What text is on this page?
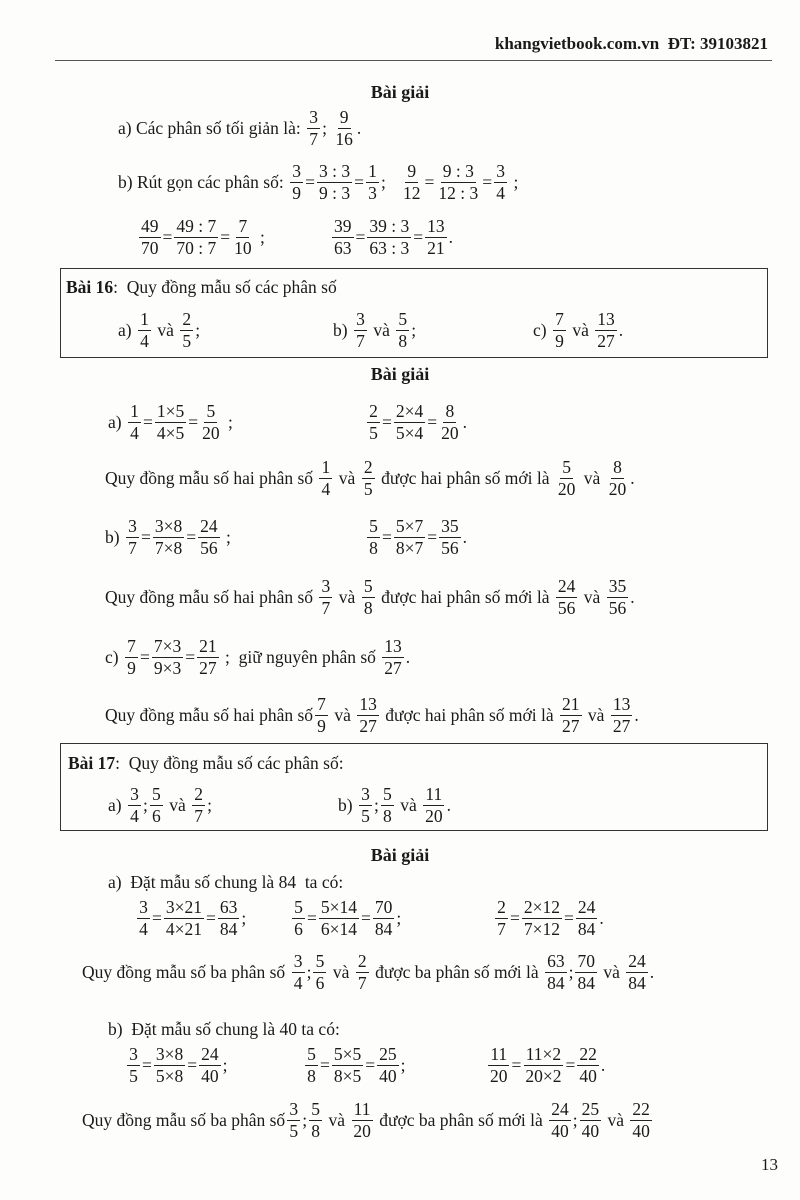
khangvietbook.com.vn ĐT: 39103821
Bài giải
a) Các phân số tối giản là: $\frac{3}{7}$ ; $\frac{9}{16}$ .
b) Rút gọn các phân số: $\frac{3}{9} = \frac{3 : 3}{9 : 3} = \frac{1}{3}$ ; $\frac{9}{12} = \frac{9 : 3}{12 : 3} = \frac{3}{4}$ ;
$\frac{49}{70} = \frac{49 : 7}{70 : 7} = \frac{7}{10}$ ;	$\frac{39}{63} = \frac{39 : 3}{63 : 3} = \frac{13}{21}$ .
Bài 16:  Quy đồng mẫu số các phân số
$a) \frac{1}{4}$ và $\frac{2}{5}$ ;	$b) \frac{3}{7}$ và $\frac{5}{8}$ ;	$c) \frac{7}{9}$ và $\frac{13}{27}$ .
Bài giải
$a) \frac{1}{4} = \frac{1\times 5}{4\times 5} = \frac{5}{20}$ ;	$\frac{2}{5} = \frac{2\times 4}{5\times 4} = \frac{8}{20}$ .
Quy đồng mẫu số hai phân số $\frac{1}{4}$ và $\frac{2}{5}$ được hai phân số mới là $\frac{5}{20}$ và $\frac{8}{20}$ .
$b) \frac{3}{7} = \frac{3\times 8}{7\times 8} = \frac{24}{56}$ ;	$\frac{5}{8} = \frac{5\times 7}{8\times 7} = \frac{35}{56}$ .
Quy đồng mẫu số hai phân số $\frac{3}{7}$ và $\frac{5}{8}$ được hai phân số mới là $\frac{24}{56}$ và $\frac{35}{56}$ .
$c) \frac{7}{9} = \frac{7\times 3}{9\times 3} = \frac{21}{27}$ ;  giữ nguyên phân số $\frac{13}{27}$ .
Quy đồng mẫu số hai phân số $\frac{7}{9}$ và $\frac{13}{27}$ được hai phân số mới là $\frac{21}{27}$ và $\frac{13}{27}$ .
Bài 17:  Quy đồng mẫu số các phân số:
$a) \frac{3}{4}$ ; $\frac{5}{6}$ và $\frac{2}{7}$ ;	$b) \frac{3}{5}$ ; $\frac{5}{8}$ và $\frac{11}{20}$ .
Bài giải
a)  Đặt mẫu số chung là 84  ta có:
$\frac{3}{4} = \frac{3\times 21}{4\times 21} = \frac{63}{84}$ ;	$\frac{5}{6} = \frac{5\times 14}{6\times 14} = \frac{70}{84}$ ;	$\frac{2}{7} = \frac{2\times 12}{7\times 12} = \frac{24}{84}$ .
Quy đồng mẫu số ba phân số $\frac{3}{4}$ ; $\frac{5}{6}$ và $\frac{2}{7}$ được ba phân số mới là $\frac{63}{84}$ ; $\frac{70}{84}$ và $\frac{24}{84}$ .
b)  Đặt mẫu số chung là 40 ta có:
$\frac{3}{5} = \frac{3\times 8}{5\times 8} = \frac{24}{40}$ ;	$\frac{5}{8} = \frac{5\times 5}{8\times 5} = \frac{25}{40}$ ;	$\frac{11}{20} = \frac{11\times 2}{20\times 2} = \frac{22}{40}$ .
Quy đồng mẫu số ba phân số $\frac{3}{5}$ ; $\frac{5}{8}$ và $\frac{11}{20}$ được ba phân số mới là $\frac{24}{40}$ ; $\frac{25}{40}$ và $\frac{22}{40}$
13
